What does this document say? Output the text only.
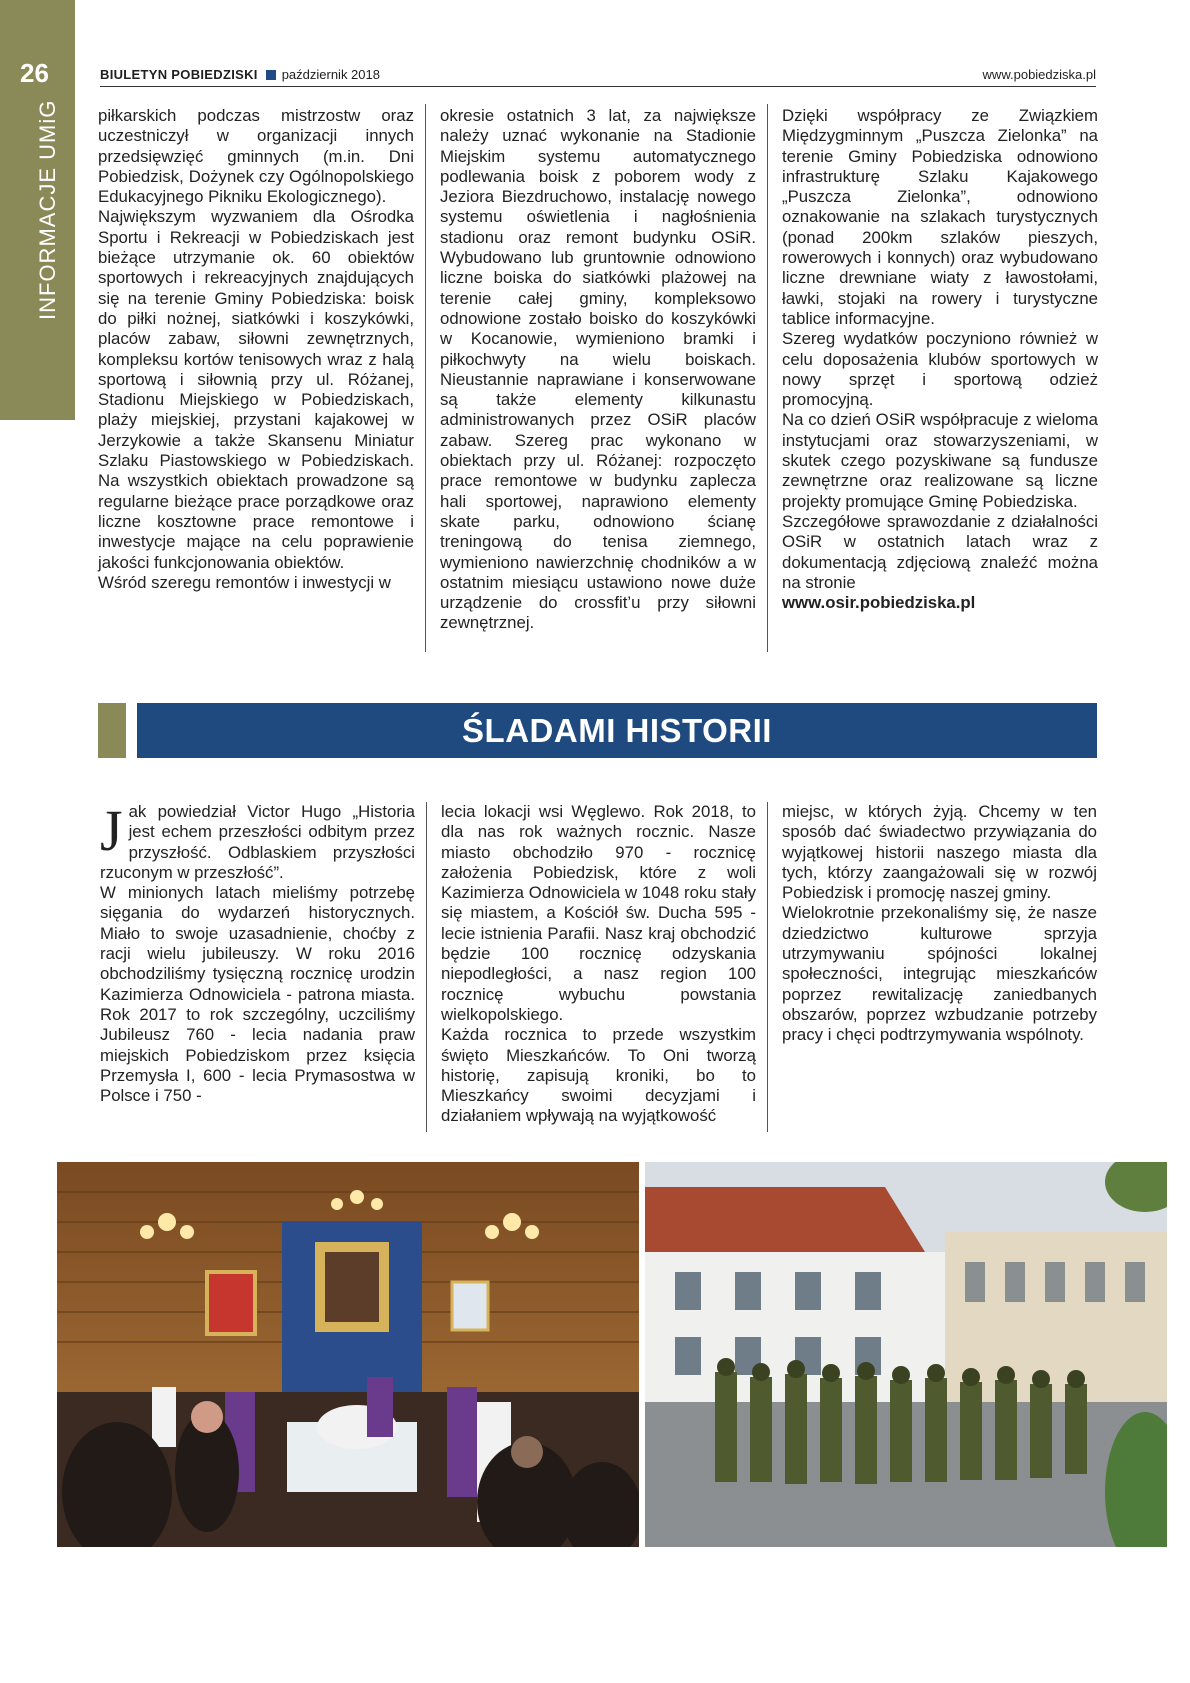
26
INFORMACJE UMiG
BIULETYN POBIEDZISKI październik 2018	www.pobiedziska.pl

piłkarskich podczas mistrzostw oraz uczestniczył w organizacji innych przedsięwzięć gminnych (m.in. Dni Pobiedzisk, Dożynek czy Ogólnopolskiego Edukacyjnego Pikniku Ekologicznego).

Największym wyzwaniem dla Ośrodka Sportu i Rekreacji w Pobiedziskach jest bieżące utrzymanie ok. 60 obiektów sportowych i rekreacyjnych znajdujących się na terenie Gminy Pobiedziska: boisk do piłki nożnej, siatkówki i koszykówki, placów zabaw, siłowni zewnętrznych, kompleksu kortów tenisowych wraz z halą sportową i siłownią przy ul. Różanej, Stadionu Miejskiego w Pobiedziskach, plaży miejskiej, przystani kajakowej w Jerzykowie a także Skansenu Miniatur Szlaku Piastowskiego w Pobiedziskach. Na wszystkich obiektach prowadzone są regularne bieżące prace porządkowe oraz liczne kosztowne prace remontowe i inwestycje mające na celu poprawienie jakości funkcjonowania obiektów.

Wśród szeregu remontów i inwestycji w

okresie ostatnich 3 lat, za największe należy uznać wykonanie na Stadionie Miejskim systemu automatycznego podlewania boisk z poborem wody z Jeziora Biezdruchowo, instalację nowego systemu oświetlenia i nagłośnienia stadionu oraz remont budynku OSiR. Wybudowano lub gruntownie odnowiono liczne boiska do siatkówki plażowej na terenie całej gminy, kompleksowo odnowione zostało boisko do koszykówki w Kocanowie, wymieniono bramki i piłkochwyty na wielu boiskach. Nieustannie naprawiane i konserwowane są także elementy kilkunastu administrowanych przez OSiR placów zabaw. Szereg prac wykonano w obiektach przy ul. Różanej: rozpoczęto prace remontowe w budynku zaplecza hali sportowej, naprawiono elementy skate parku, odnowiono ścianę treningową do tenisa ziemnego, wymieniono nawierzchnię chodników a w ostatnim miesiącu ustawiono nowe duże urządzenie do crossfit’u przy siłowni zewnętrznej.

Dzięki współpracy ze Związkiem Międzygminnym „Puszcza Zielonka” na terenie Gminy Pobiedziska odnowiono infrastrukturę Szlaku Kajakowego „Puszcza Zielonka”, odnowiono oznakowanie na szlakach turystycznych (ponad 200km szlaków pieszych, rowerowych i konnych) oraz wybudowano liczne drewniane wiaty z ławostołami, ławki, stojaki na rowery i turystyczne tablice informacyjne.

Szereg wydatków poczyniono również w celu doposażenia klubów sportowych w nowy sprzęt i sportową odzież promocyjną.

Na co dzień OSiR współpracuje z wieloma instytucjami oraz stowarzyszeniami, w skutek czego pozyskiwane są fundusze zewnętrzne oraz realizowane są liczne projekty promujące Gminę Pobiedziska.

Szczegółowe sprawozdanie z działalności OSiR w ostatnich latach wraz z dokumentacją zdjęciową znaleźć można na stronie

www.osir.pobiedziska.pl

ŚLADAMI HISTORII

Jak powiedział Victor Hugo „Historia jest echem przeszłości odbitym przez przyszłość. Odblaskiem przyszłości rzuconym w przeszłość”.

W minionych latach mieliśmy potrzebę sięgania do wydarzeń historycznych. Miało to swoje uzasadnienie, choćby z racji wielu jubileuszy. W roku 2016 obchodziliśmy tysięczną rocznicę urodzin Kazimierza Odnowiciela - patrona miasta. Rok 2017 to rok szczególny, uczciliśmy Jubileusz 760 - lecia nadania praw miejskich Pobiedziskom przez księcia Przemysła I, 600 - lecia Prymasostwa w Polsce i 750 -

lecia lokacji wsi Węglewo. Rok 2018, to dla nas rok ważnych rocznic. Nasze miasto obchodziło 970 - rocznicę założenia Pobiedzisk, które z woli Kazimierza Odnowiciela w 1048 roku stały się miastem, a Kościół św. Ducha 595 - lecie istnienia Parafii. Nasz kraj obchodzić będzie 100 rocznicę odzyskania niepodległości, a nasz region 100 rocznicę wybuchu powstania wielkopolskiego.

Każda rocznica to przede wszystkim święto Mieszkańców. To Oni tworzą historię, zapisują kroniki, bo to Mieszkańcy swoimi decyzjami i działaniem wpływają na wyjątkowość

miejsc, w których żyją. Chcemy w ten sposób dać świadectwo przywiązania do wyjątkowej historii naszego miasta dla tych, którzy zaangażowali się w rozwój Pobiedzisk i promocję naszej gminy.

Wielokrotnie przekonaliśmy się, że nasze dziedzictwo kulturowe sprzyja utrzymywaniu spójności lokalnej społeczności, integrując mieszkańców poprzez rewitalizację zaniedbanych obszarów, poprzez wzbudzanie potrzeby pracy i chęci podtrzymywania wspólnoty.
